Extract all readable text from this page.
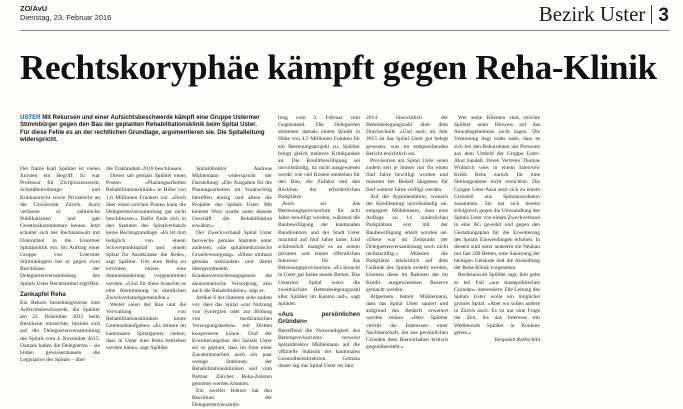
ZO/AvU
Dienstag, 23. Februar 2016	Bezirk Uster 3
Rechtskoryphäe kämpft gegen Reha-Klinik
USTER Mit Rekursen und einer Aufsichtsbeschwerde kämpft eine Gruppe Ustermer Stimmbürger gegen den Bau der geplanten Rehabilitationsklinik beim Spital Uster. Für diese Fehle es an der rechtlichen Grundlage, argumentieren sie. Die Spitalleitung widerspricht.

Der Name Karl Spühler ist vielen Juristen ein Begriff. Er war Professor für Zivilprozessrecht, Schuldbetreibungs- und Konkursrecht sowie Privatrecht an der Universität Zürich. Auch verfasste er zahlreiche Publikationen und gab Gesetzeskommentare heraus. Jetzt schaltet sich der Rechtsanwalt mit Doktortitel in die Ustermer Spitalpolitik ein: Im Auftrag einer Gruppe von Ustermer Stimmbürgern hat er gegen zwei Beschlüsse der Delegiertenversammlung des Spitals Uster Rechtsmittel ergriffen.

Zankapfel Reha

Ein Rekurs beziehungsweise eine Aufsichtsbeschwerde, die Spühler am 21. Dezember 2015 beim Bezirksrat einreichte, bezieht sich auf die Delegiertenversammlung des Spitals vom 4. November 2015. Damals haben die Delegierten – sie bilden gewissermassen die Legislative des Spitals – über

die Traktandum 2016 beschlossen.

Dieser sah gemäss Spühler einen Posten «Planungsarbeiten Rehabilitationsklinik» in Höhe von 1,6 Millionen Franken vor. «Doch über einen solchen Posten kann die Delegiertenversammlung gar nicht beschliessen.» Dafür finde sich in den Statuten des Spitalverbands keine Rechtsgrundlage. «Es ist dort lediglich von einem Schwerpunktspital und einem Spital für Akutkranke die Rede», sagt Spühler. Um eine Reha zu errichten, müsse eine Statutenänderung vorgenommen werden. «Und für diese brauchte es eine Abstimmung in sämtlichen Zweckverbandsgemeinden.»

Weiter seien der Bau und die Verwaltung von Rehabilitationskliniken keine Gemeindeaufgaben. «Es müsste im kantonalen Spitalgesetz stehen, dass in Uster eine Reha betrieben werden kann», sagt Spühler.

Spitaldirektor Andreas Mühlemann widerspricht der Darstellung: «Die Ausgaben für die Planungsarbeiten im Voranschlag betreffen einzig und allein die Projekte des Spitals Uster. Mit keinem Wort wurde unter diesem Geschäft die Rehabilitation erwähnt.»

Der Zweckverband Spital Uster bezwecke gemäss Statuten unter anderem, «die spitalmedizinische Grundversorgung». «Diese umfasst gemäss nationalem und damit übergeordnetem Krankenversicherungsgesetz die akutsomatische Versorgung, also auch die Rehabilitation», sagt er.

Artikel 6 der Statuten sehe zudem vor, dass das Spital «zur Nutzung von Synergien oder zur Bildung von medizinischen Versorgungsketten» mit Dritten kooperieren könne. Und der Erweiterungsbau des Spitals Uster sei so geplant, dass im Sinn einer Zusammenarbeit auch ein paar wenige Stationen der Rehabilitationskliniken und vom Partner Zürcher Reha-Zentren gemietet werden könnten.

Ein zweiter Rekurs hat den Beschluss der Delegiertenversamm-

lung vom 3. Februar zum Gegenstand. Die Delegierten stimmten damals einem Kredit in Höhe von 4,5 Millionen Franken für ein Betreuungsprojekt zu. Spühler bringt gleich mehrere Kritikpunkte an: Die Kreditbewilligung sei unvollständig, da nicht ausgewiesen werde, wie viel Kosten entstehen für den Bau, die Zufahrt und den Rückbau der erforderlichen Parkplätze.

Auch sei das Betreuungsprovisorium für acht Jahre bewilligt worden, während die Baubewilligung der kantonalen Baudirektion und der Stadt Uster maximal auf fünf Jahre laute. Und schliesslich mangle es an einem privaten und einem öffentlichen Interesse für das Betreuungsprovisorium. «Es braucht in Uster gar keine neuen Betten. Das Ustermer Spital weist die zweithöchste Bettenbelegungszahl aller Spitäler im Kanton auf», sagt Spühler.

«Aus persönlichen Gründen»

Betreffend die Notwendigkeit des Bettenprovisoriums verweist Spitaldirektor Mühlemann auf die offizielle Statistik der kantonalen Gesundheitsdirektion. Gemäss dieser lag das Spital Uster im Jahr

2014 hinsichtlich der Bettenbelegungszahl über dem Durchschnitt. «Und auch im Jahr 2015 ist das Spital Uster gut belegt gewesen, was im entsprechenden Bericht ersichtlich sei.

Provisorien am Spital Uster seien zudem seit je immer nur für einen fünf Jahre bewilligt worden und müssten bei Bedarf längstens für fünf weitere Jahre verfügt werden.

Auf die Argumentation, wonach der Kreditantrag unvollständig sei, entgegnet Mühlemann, dass eine Auflage zu 14 zusätzlichen Parkplätzen erst mit der Baubewilligung erteilt worden sei. «Diese war im Zeitpunkt der Delegiertenversammlung noch nicht rechtskräftig.» Müssten die Parkplätze tatsächlich auf dem Gelände des Spitals erstellt werden, könnten diese im Rahmen der im Kredit ausgewiesenen Reserve gemacht werden.

Allgemein betont Mühlemann, dass das Spital Uster saniert und aufgrund des Bedarfs erweitert werden müsse. «Herr Spühler vertritt die Interessen einer Nachbarschaft, die aus persönlichen Gründen dem Bauvorhaben kritisch gegenübersteht.»

Wer seine Klienten sind, möchte Spühler unter Hinweis auf das Anwaltsgeheimnis nicht sagen. Die Vermutung liegt indes nahe, dass es sich bei den Rekurrenten um Personen aus dem Umfeld der Gruppe Uster-Akut handelt. Deren Vertreter Thomas Wüthrich wies in einem Interview Kritik Reha zurück für eine Stellungnahme nicht erreichbar. Die Gruppe Uster-Akut setzt sich zu einem Grossteil aus Spitalanwohnern zusammen. Sie hat sich bereits erfolgreich gegen die Umwandlung des Spitals Uster von einem Zweckverband in eine AG gewehrt und gegen den Gestaltungsplan für die Erweiterung des Spitals Einwendungen erhoben. In diesem sind unter anderem ein Neubau mit fast 200 Betten, eine Sanierung der heutigen Gebäude und die Ansiedlung der Reha-Klinik vorgesehen.

Rechtsanwalt Spühler sagt, ihm gehe es bei Fall «aus staatspolitischen Gründen» interessiere. Die Leitung des Spitals Uster wolle ein möglichst grosses Spital. «Aber wo sollen andere in Zürich auch. Es ist nur eine Frage der Zeit, bis das Interesse mit Wettbewerb Spitäler in Konkurs gehen.»

Benjamin Rothschild
